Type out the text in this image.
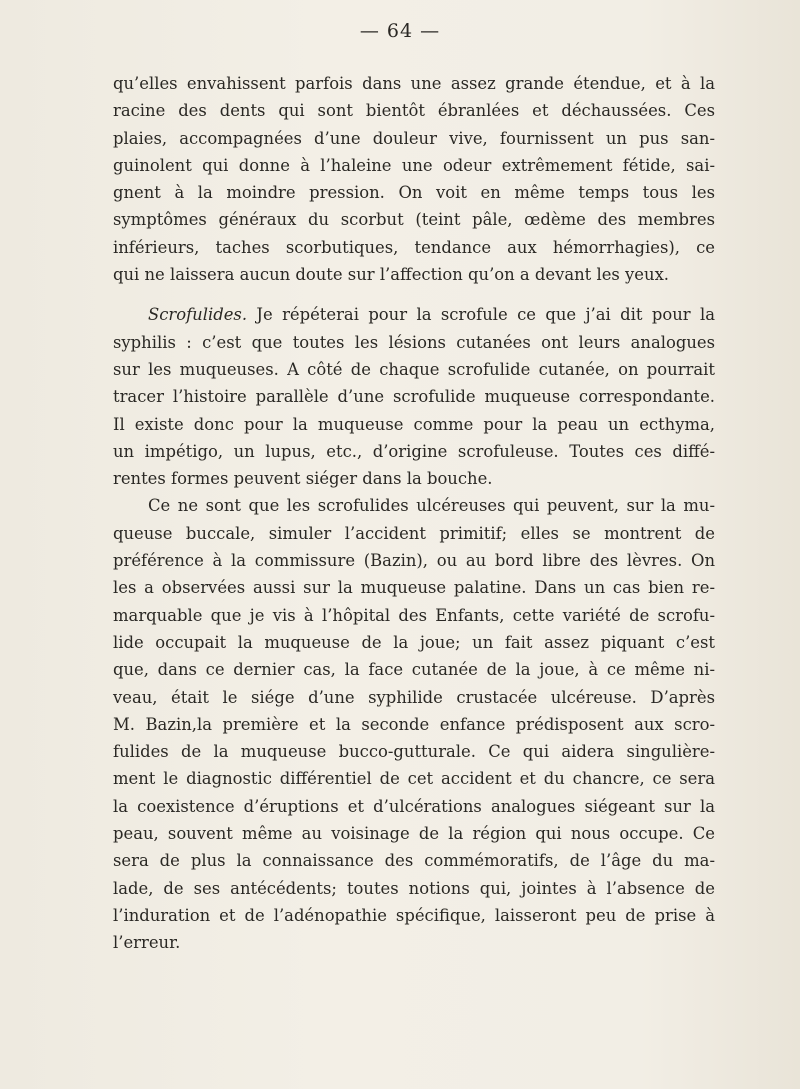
— 64 —

qu’elles envahissent parfois dans une assez grande étendue, et à la
racine des dents qui sont bientôt ébranlées et déchaussées. Ces
plaies, accompagnées d’une douleur vive, fournissent un pus san-
guinolent qui donne à l’haleine une odeur extrêmement fétide, sai-
gnent à la moindre pression. On voit en même temps tous les
symptômes généraux du scorbut (teint pâle, œdème des membres
inférieurs, taches scorbutiques, tendance aux hémorrhagies), ce
qui ne laissera aucun doute sur l’affection qu’on a devant les yeux.

Scrofulides. Je répéterai pour la scrofule ce que j’ai dit pour la
syphilis : c’est que toutes les lésions cutanées ont leurs analogues
sur les muqueuses. A côté de chaque scrofulide cutanée, on pourrait
tracer l’histoire parallèle d’une scrofulide muqueuse correspondante.
Il existe donc pour la muqueuse comme pour la peau un ecthyma,
un impétigo, un lupus, etc., d’origine scrofuleuse. Toutes ces diffé-
rentes formes peuvent siéger dans la bouche.

Ce ne sont que les scrofulides ulcéreuses qui peuvent, sur la mu-
queuse buccale, simuler l’accident primitif; elles se montrent de
préférence à la commissure (Bazin), ou au bord libre des lèvres. On
les a observées aussi sur la muqueuse palatine. Dans un cas bien re-
marquable que je vis à l’hôpital des Enfants, cette variété de scrofu-
lide occupait la muqueuse de la joue; un fait assez piquant c’est
que, dans ce dernier cas, la face cutanée de la joue, à ce même ni-
veau, était le siége d’une syphilide crustacée ulcéreuse. D’après
M. Bazin,la première et la seconde enfance prédisposent aux scro-
fulides de la muqueuse bucco-gutturale. Ce qui aidera singulière-
ment le diagnostic différentiel de cet accident et du chancre, ce sera
la coexistence d’éruptions et d’ulcérations analogues siégeant sur la
peau, souvent même au voisinage de la région qui nous occupe. Ce
sera de plus la connaissance des commémoratifs, de l’âge du ma-
lade, de ses antécédents; toutes notions qui, jointes à l’absence de
l’induration et de l’adénopathie spécifique, laisseront peu de prise à
l’erreur.
